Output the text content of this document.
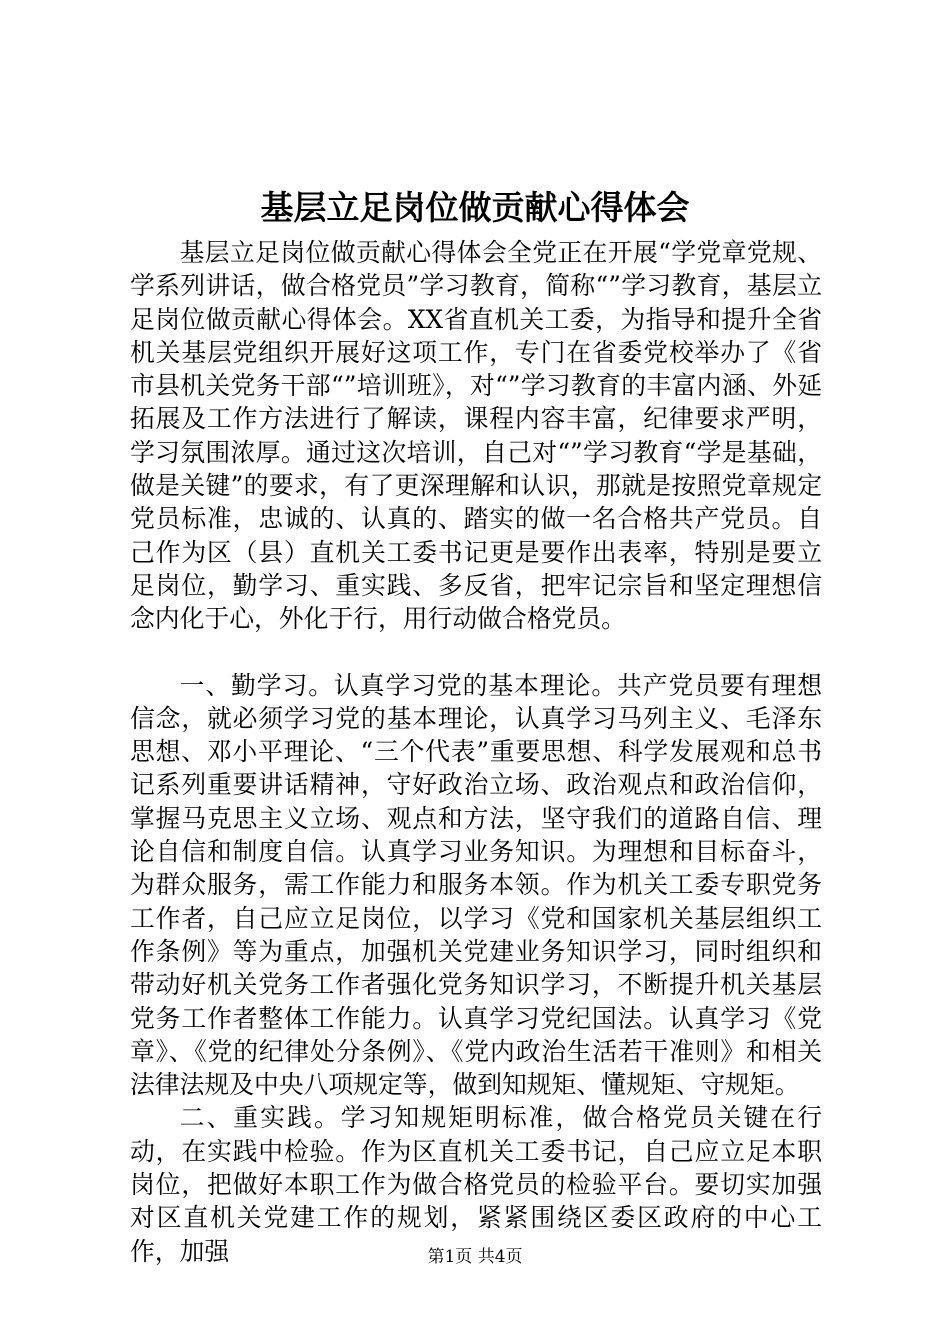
基层立足岗位做贡献心得体会

基层立足岗位做贡献心得体会全党正在开展“学党章党规、学系列讲话，做合格党员”学习教育，简称“”学习教育，基层立足岗位做贡献心得体会。XX省直机关工委，为指导和提升全省机关基层党组织开展好这项工作，专门在省委党校举办了《省市县机关党务干部“”培训班》，对“”学习教育的丰富内涵、外延拓展及工作方法进行了解读，课程内容丰富，纪律要求严明，学习氛围浓厚。通过这次培训，自己对“”学习教育“学是基础，做是关键”的要求，有了更深理解和认识，那就是按照党章规定党员标准，忠诚的、认真的、踏实的做一名合格共产党员。自己作为区（县）直机关工委书记更是要作出表率，特别是要立足岗位，勤学习、重实践、多反省，把牢记宗旨和坚定理想信念内化于心，外化于行，用行动做合格党员。

一、勤学习。认真学习党的基本理论。共产党员要有理想信念，就必须学习党的基本理论，认真学习马列主义、毛泽东思想、邓小平理论、“三个代表”重要思想、科学发展观和总书记系列重要讲话精神，守好政治立场、政治观点和政治信仰，掌握马克思主义立场、观点和方法，坚守我们的道路自信、理论自信和制度自信。认真学习业务知识。为理想和目标奋斗，为群众服务，需工作能力和服务本领。作为机关工委专职党务工作者，自己应立足岗位，以学习《党和国家机关基层组织工作条例》等为重点，加强机关党建业务知识学习，同时组织和带动好机关党务工作者强化党务知识学习，不断提升机关基层党务工作者整体工作能力。认真学习党纪国法。认真学习《党章》、《党的纪律处分条例》、《党内政治生活若干准则》和相关法律法规及中央八项规定等，做到知规矩、懂规矩、守规矩。

二、重实践。学习知规矩明标准，做合格党员关键在行动，在实践中检验。作为区直机关工委书记，自己应立足本职岗位，把做好本职工作为做合格党员的检验平台。要切实加强对区直机关党建工作的规划，紧紧围绕区委区政府的中心工作，加强	第1页 共4页
